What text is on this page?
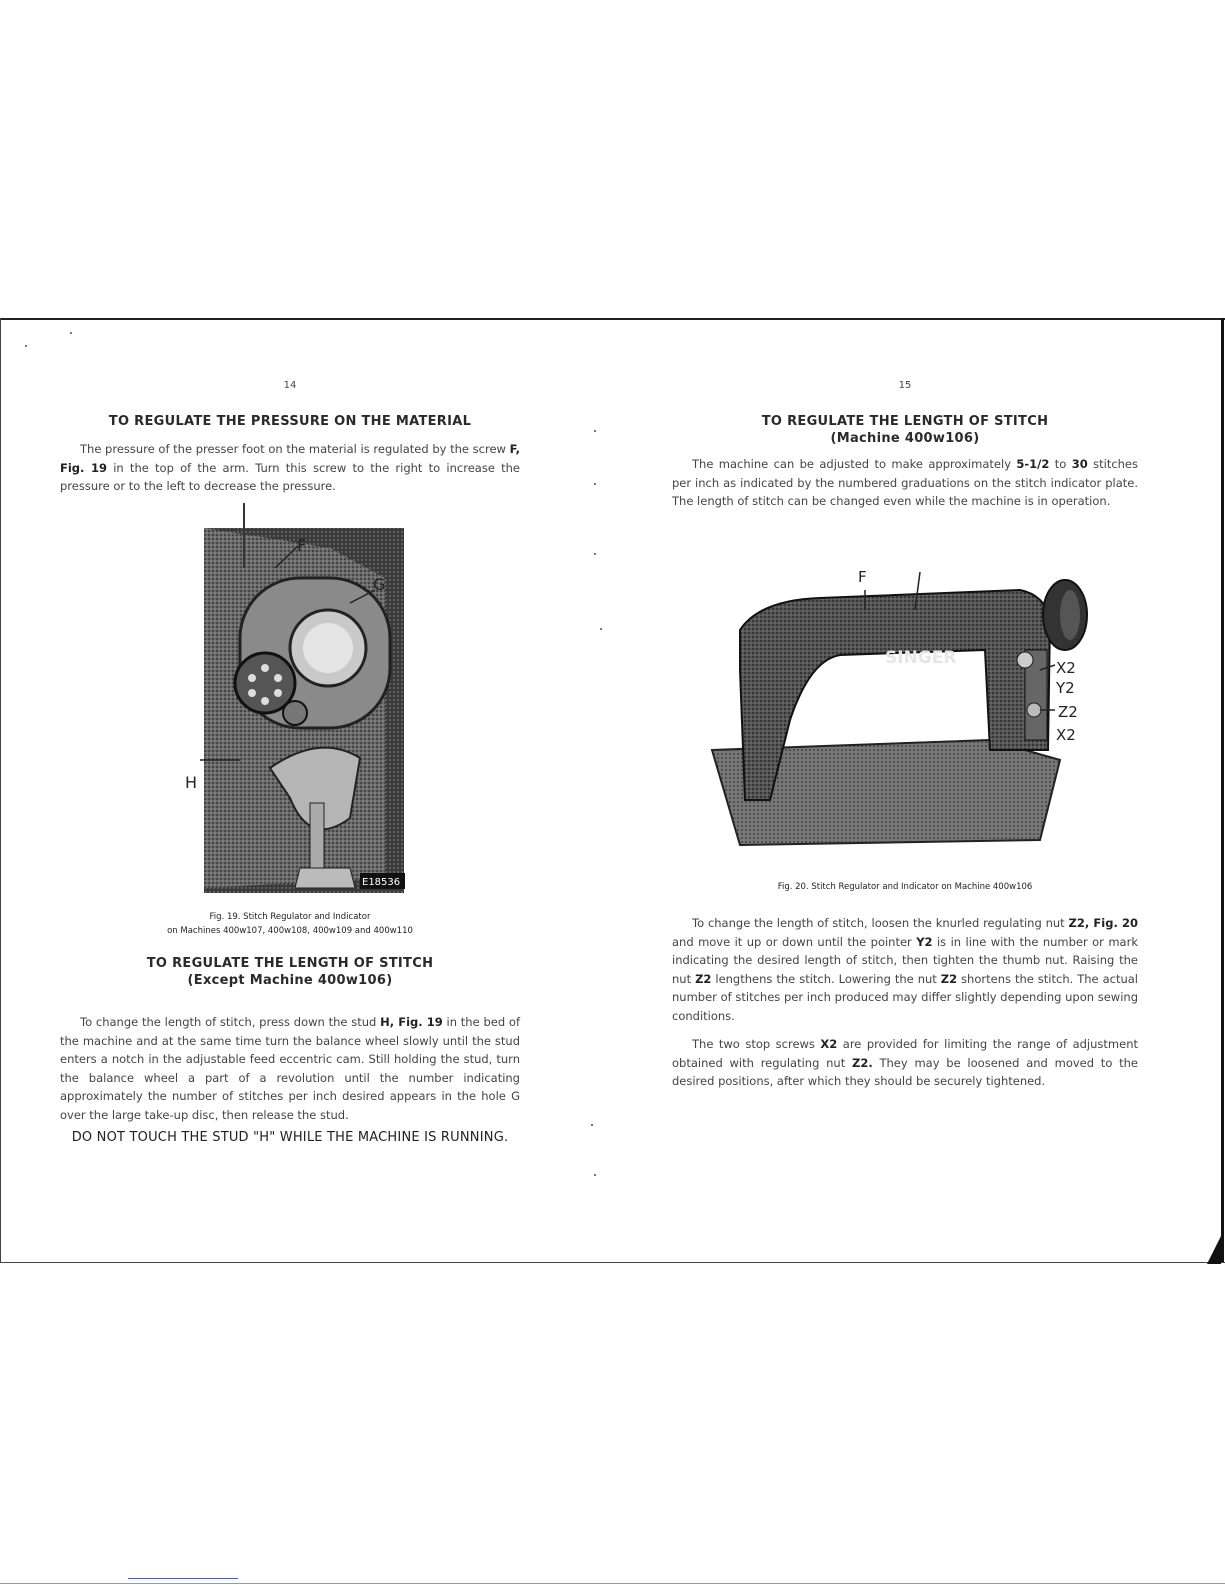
14
TO REGULATE THE PRESSURE ON THE MATERIAL

The pressure of the presser foot on the material is regulated by the screw F, Fig. 19 in the top of the arm. Turn this screw to the right to increase the pressure or to the left to decrease the pressure.

E18536
F
G
H

Fig. 19. Stitch Regulator and Indicator

on Machines 400w107, 400w108, 400w109 and 400w110

TO REGULATE THE LENGTH OF STITCH
(Except Machine 400w106)

To change the length of stitch, press down the stud H, Fig. 19 in the bed of the machine and at the same time turn the balance wheel slowly until the stud enters a notch in the adjustable feed eccentric cam. Still holding the stud, turn the balance wheel a part of a revolution until the number indicating approximately the number of stitches per inch desired appears in the hole G over the large take-up disc, then release the stud.

DO NOT TOUCH THE STUD "H" WHILE THE MACHINE IS RUNNING.
15
TO REGULATE THE LENGTH OF STITCH
(Machine 400w106)

The machine can be adjusted to make approximately 5-1/2 to 30 stitches per inch as indicated by the numbered graduations on the stitch indicator plate. The length of stitch can be changed even while the machine is in operation.

SINGER
F
X2
Y2
Z2
X2

Fig. 20. Stitch Regulator and Indicator on Machine 400w106

To change the length of stitch, loosen the knurled regulating nut Z2, Fig. 20 and move it up or down until the pointer Y2 is in line with the number or mark indicating the desired length of stitch, then tighten the thumb nut. Raising the nut Z2 lengthens the stitch. Lowering the nut Z2 shortens the stitch. The actual number of stitches per inch produced may differ slightly depending upon sewing conditions.

The two stop screws X2 are provided for limiting the range of adjustment obtained with regulating nut Z2. They may be loosened and moved to the desired positions, after which they should be securely tightened.
